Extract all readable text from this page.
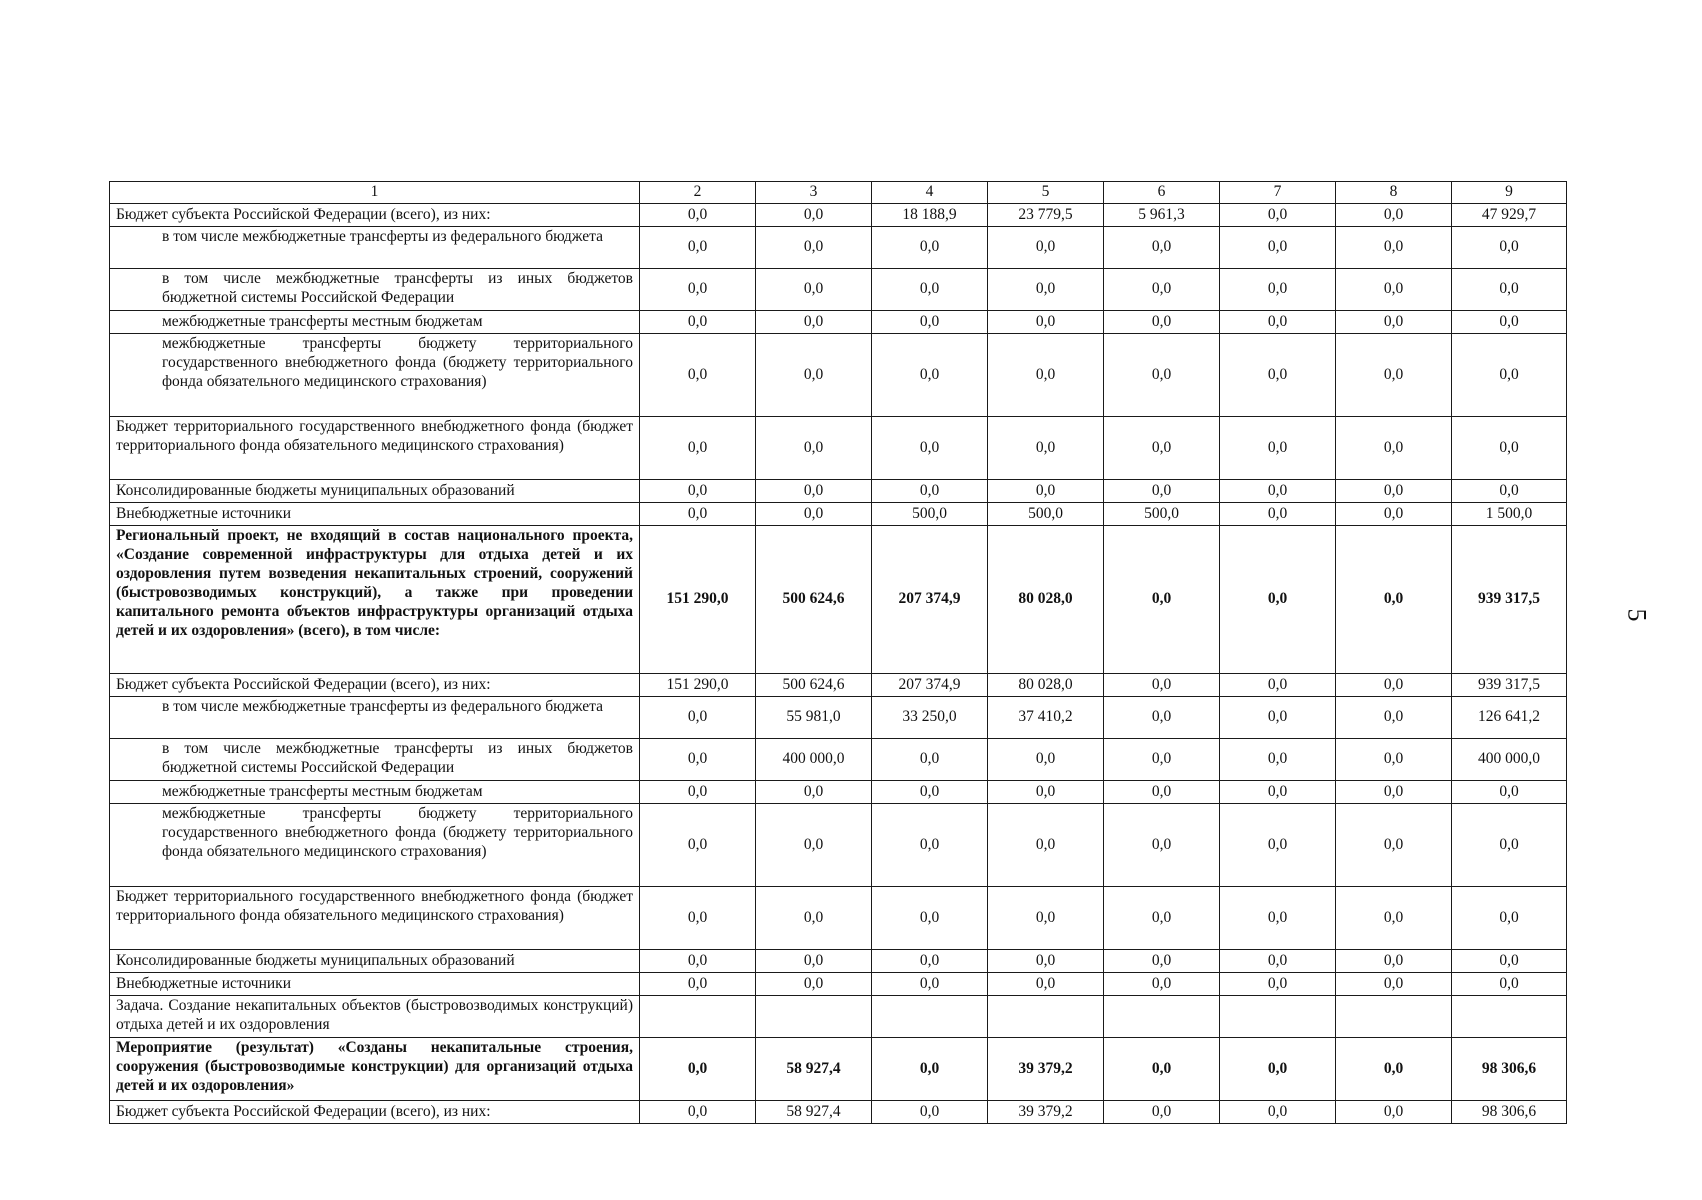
1	2	3	4	5	6	7	8	9
Бюджет субъекта Российской Федерации (всего), из них:	0,0	0,0	18 188,9	23 779,5	5 961,3	0,0	0,0	47 929,7
в том числе межбюджетные трансферты из федерального бюджета	0,0	0,0	0,0	0,0	0,0	0,0	0,0	0,0
в том числе межбюджетные трансферты из иных бюджетов бюджетной системы Российской Федерации	0,0	0,0	0,0	0,0	0,0	0,0	0,0	0,0
межбюджетные трансферты местным бюджетам	0,0	0,0	0,0	0,0	0,0	0,0	0,0	0,0
межбюджетные трансферты бюджету территориального государственного внебюджетного фонда (бюджету территориального фонда обязательного медицинского страхования)	0,0	0,0	0,0	0,0	0,0	0,0	0,0	0,0
Бюджет территориального государственного внебюджетного фонда (бюджет территориального фонда обязательного медицинского страхования)	0,0	0,0	0,0	0,0	0,0	0,0	0,0	0,0
Консолидированные бюджеты муниципальных образований	0,0	0,0	0,0	0,0	0,0	0,0	0,0	0,0
Внебюджетные источники	0,0	0,0	500,0	500,0	500,0	0,0	0,0	1 500,0
Региональный проект, не входящий в состав национального проекта, «Создание современной инфраструктуры для отдыха детей и их оздоровления путем возведения некапитальных строений, сооружений (быстровозводимых конструкций), а также при проведении капитального ремонта объектов инфраструктуры организаций отдыха детей и их оздоровления» (всего), в том числе:	151 290,0	500 624,6	207 374,9	80 028,0	0,0	0,0	0,0	939 317,5
Бюджет субъекта Российской Федерации (всего), из них:	151 290,0	500 624,6	207 374,9	80 028,0	0,0	0,0	0,0	939 317,5
в том числе межбюджетные трансферты из федерального бюджета	0,0	55 981,0	33 250,0	37 410,2	0,0	0,0	0,0	126 641,2
в том числе межбюджетные трансферты из иных бюджетов бюджетной системы Российской Федерации	0,0	400 000,0	0,0	0,0	0,0	0,0	0,0	400 000,0
межбюджетные трансферты местным бюджетам	0,0	0,0	0,0	0,0	0,0	0,0	0,0	0,0
межбюджетные трансферты бюджету территориального государственного внебюджетного фонда (бюджету территориального фонда обязательного медицинского страхования)	0,0	0,0	0,0	0,0	0,0	0,0	0,0	0,0
Бюджет территориального государственного внебюджетного фонда (бюджет территориального фонда обязательного медицинского страхования)	0,0	0,0	0,0	0,0	0,0	0,0	0,0	0,0
Консолидированные бюджеты муниципальных образований	0,0	0,0	0,0	0,0	0,0	0,0	0,0	0,0
Внебюджетные источники	0,0	0,0	0,0	0,0	0,0	0,0	0,0	0,0
Задача. Создание некапитальных объектов (быстровозводимых конструкций) отдыха детей и их оздоровления								
Мероприятие (результат) «Созданы некапитальные строения, сооружения (быстровозводимые конструкции) для организаций отдыха детей и их оздоровления»	0,0	58 927,4	0,0	39 379,2	0,0	0,0	0,0	98 306,6
Бюджет субъекта Российской Федерации (всего), из них:	0,0	58 927,4	0,0	39 379,2	0,0	0,0	0,0	98 306,6
5
